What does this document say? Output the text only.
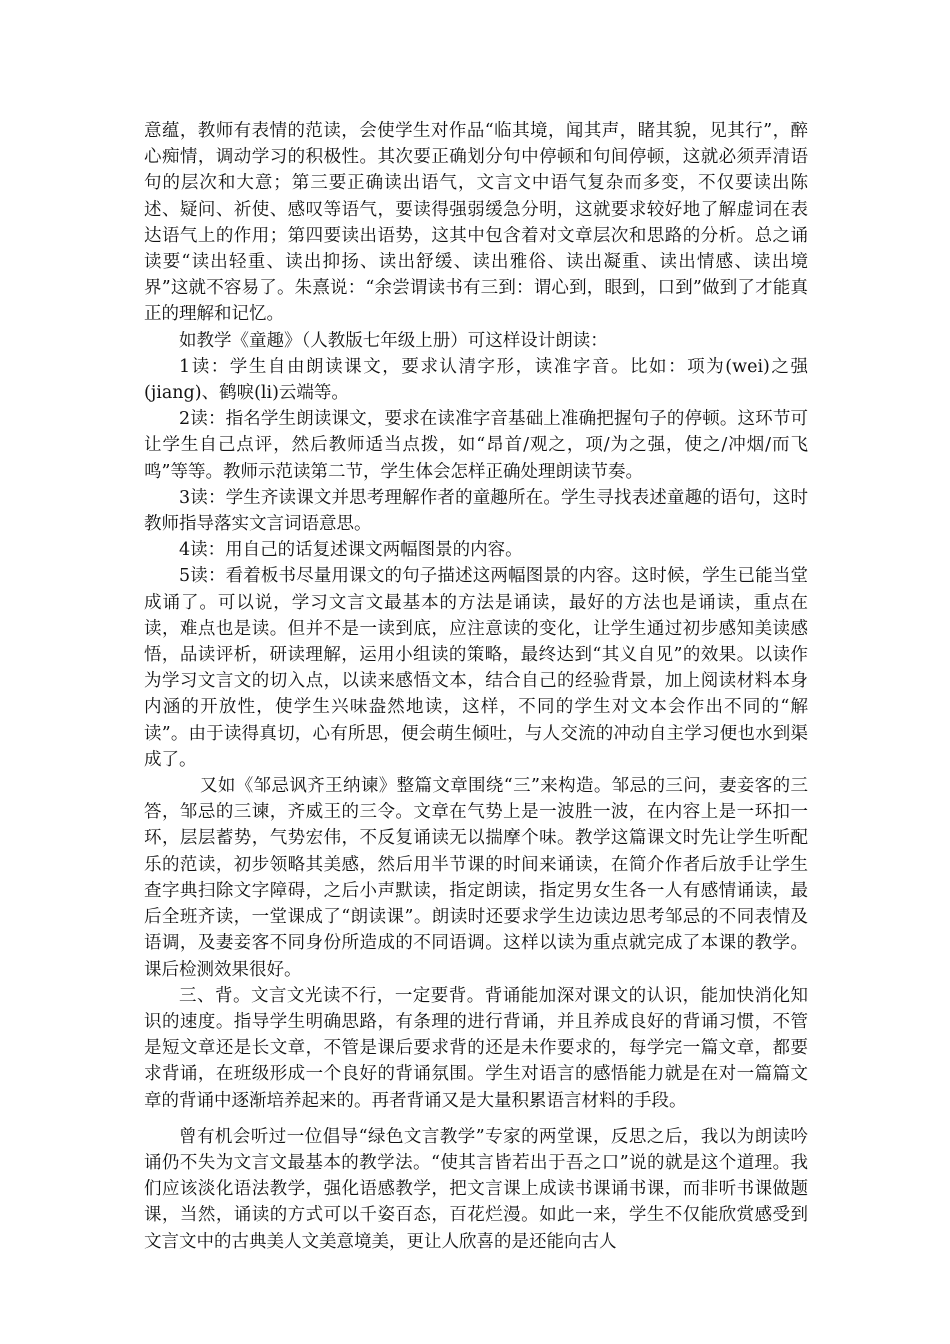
意蕴，教师有表情的范读，会使学生对作品“临其境，闻其声，睹其貌，见其行”，醉心痴情，调动学习的积极性。其次要正确划分句中停顿和句间停顿，这就必须弄清语句的层次和大意；第三要正确读出语气，文言文中语气复杂而多变，不仅要读出陈述、疑问、祈使、感叹等语气，要读得强弱缓急分明，这就要求较好地了解虚词在表达语气上的作用；第四要读出语势，这其中包含着对文章层次和思路的分析。总之诵读要“读出轻重、读出抑扬、读出舒缓、读出雅俗、读出凝重、读出情感、读出境界”这就不容易了。朱熹说：“余尝谓读书有三到：谓心到，眼到，口到”做到了才能真正的理解和记忆。

如教学《童趣》（人教版七年级上册）可这样设计朗读：

1读：学生自由朗读课文，要求认清字形，读准字音。比如：项为(wei)之强(jiang)、鹤唳(li)云端等。

2读：指名学生朗读课文，要求在读准字音基础上准确把握句子的停顿。这环节可让学生自己点评，然后教师适当点拨，如“昂首/观之，项/为之强，使之/冲烟/而飞鸣”等等。教师示范读第二节，学生体会怎样正确处理朗读节奏。

3读：学生齐读课文并思考理解作者的童趣所在。学生寻找表述童趣的语句，这时教师指导落实文言词语意思。

4读：用自己的话复述课文两幅图景的内容。

5读：看着板书尽量用课文的句子描述这两幅图景的内容。这时候，学生已能当堂成诵了。可以说，学习文言文最基本的方法是诵读，最好的方法也是诵读，重点在读，难点也是读。但并不是一读到底，应注意读的变化，让学生通过初步感知美读感悟，品读评析，研读理解，运用小组读的策略，最终达到“其义自见”的效果。以读作为学习文言文的切入点，以读来感悟文本，结合自己的经验背景，加上阅读材料本身内涵的开放性，使学生兴味盎然地读，这样，不同的学生对文本会作出不同的“解读”。由于读得真切，心有所思，便会萌生倾吐，与人交流的冲动自主学习便也水到渠成了。

又如《邹忌讽齐王纳谏》整篇文章围绕“三”来构造。邹忌的三问，妻妾客的三答，邹忌的三谏，齐威王的三令。文章在气势上是一波胜一波，在内容上是一环扣一环，层层蓄势，气势宏伟，不反复诵读无以揣摩个味。教学这篇课文时先让学生听配乐的范读，初步领略其美感，然后用半节课的时间来诵读，在简介作者后放手让学生查字典扫除文字障碍，之后小声默读，指定朗读，指定男女生各一人有感情诵读，最后全班齐读，一堂课成了“朗读课”。朗读时还要求学生边读边思考邹忌的不同表情及语调，及妻妾客不同身份所造成的不同语调。这样以读为重点就完成了本课的教学。课后检测效果很好。

三、背。文言文光读不行，一定要背。背诵能加深对课文的认识，能加快消化知识的速度。指导学生明确思路，有条理的进行背诵，并且养成良好的背诵习惯，不管是短文章还是长文章，不管是课后要求背的还是未作要求的，每学完一篇文章，都要求背诵，在班级形成一个良好的背诵氛围。学生对语言的感悟能力就是在对一篇篇文章的背诵中逐渐培养起来的。再者背诵又是大量积累语言材料的手段。

曾有机会听过一位倡导“绿色文言教学”专家的两堂课，反思之后，我以为朗读吟诵仍不失为文言文最基本的教学法。“使其言皆若出于吾之口”说的就是这个道理。我们应该淡化语法教学，强化语感教学，把文言课上成读书课诵书课，而非听书课做题课，当然，诵读的方式可以千姿百态，百花烂漫。如此一来，学生不仅能欣赏感受到文言文中的古典美人文美意境美，更让人欣喜的是还能向古人
